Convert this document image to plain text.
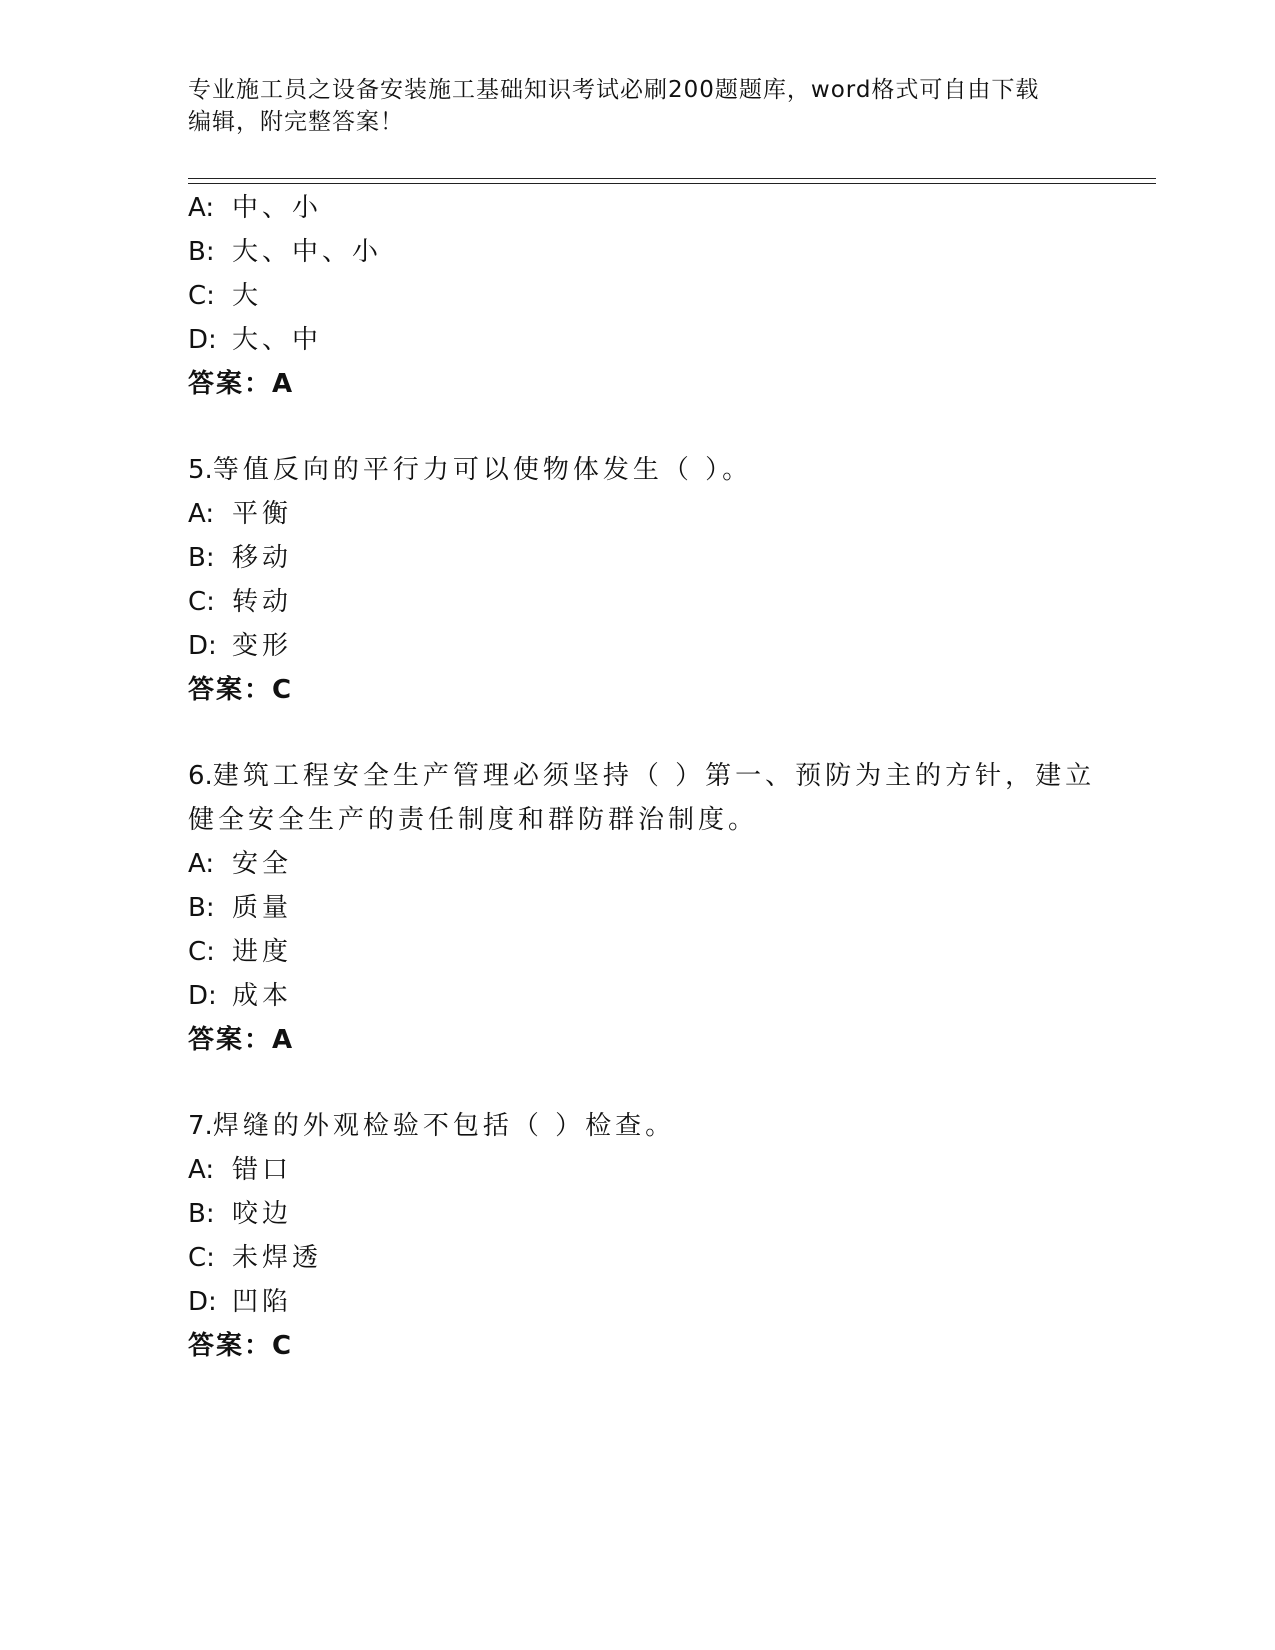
专业施工员之设备安装施工基础知识考试必刷200题题库，word格式可自由下载
编辑，附完整答案！
A: 中、小
B: 大、中、小
C: 大
D: 大、中
答案：A
5.等值反向的平行力可以使物体发生（ ）。
A: 平衡
B: 移动
C: 转动
D: 变形
答案：C
6.建筑工程安全生产管理必须坚持（ ）第一、预防为主的方针，建立
健全安全生产的责任制度和群防群治制度。
A: 安全
B: 质量
C: 进度
D: 成本
答案：A
7.焊缝的外观检验不包括（ ）检查。
A: 错口
B: 咬边
C: 未焊透
D: 凹陷
答案：C
